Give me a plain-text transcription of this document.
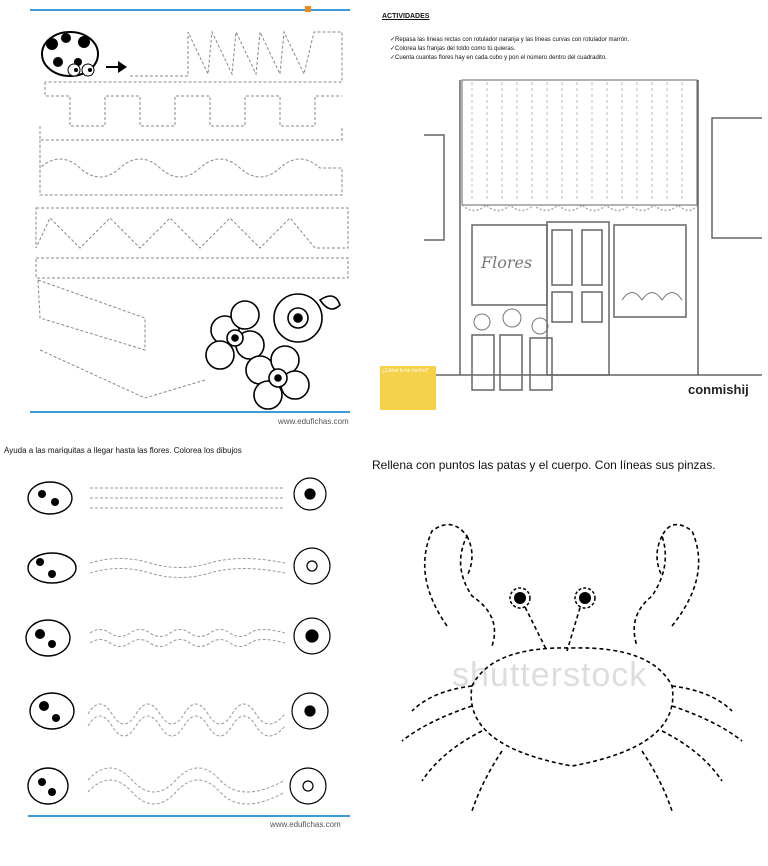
www.edufichas.com
ACTIVIDADES
✓ Repasa las líneas rectas con rotulador naranja y las líneas curvas con rotulador marrón.
✓ Colorea las franjas del toldo como tú quieras.
✓ Cuenta cuantas flores hay en cada cubo y pon el número dentro del cuadradito.
Flores
¿Cómo lo he hecho?
conmishij
Ayuda a las mariquitas a llegar hasta las flores. Colorea los dibujos
www.edufichas.com
Rellena con puntos las patas y el cuerpo. Con líneas sus pinzas.
shutterstock
